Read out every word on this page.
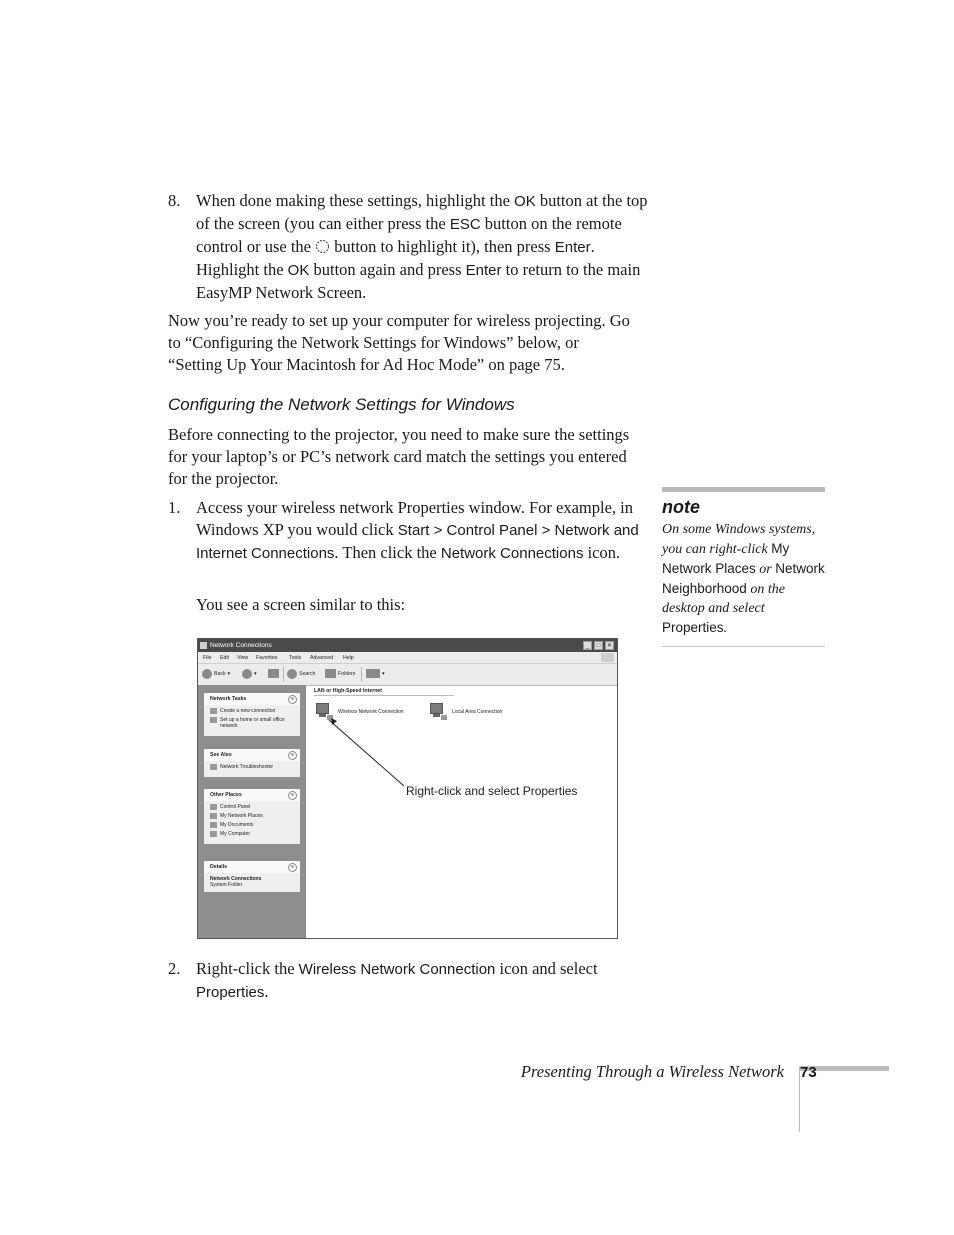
8. When done making these settings, highlight the OK button at the top of the screen (you can either press the ESC button on the remote control or use the  button to highlight it), then press Enter. Highlight the OK button again and press Enter to return to the main EasyMP Network Screen.
Now you’re ready to set up your computer for wireless projecting. Go to “Configuring the Network Settings for Windows” below, or “Setting Up Your Macintosh for Ad Hoc Mode” on page 75.
Configuring the Network Settings for Windows
Before connecting to the projector, you need to make sure the settings for your laptop’s or PC’s network card match the settings you entered for the projector.
1. Access your wireless network Properties window. For example, in Windows XP you would click Start > Control Panel > Network and Internet Connections. Then click the Network Connections icon.
You see a screen similar to this:
Network Connections	_	□	✕
File Edit View Favorites Tools Advanced Help
Back ▾	▾	Search	Folders	▾
Network Tasks	«
Create a new connection
Set up a home or small office network
See Also	«
Network Troubleshooter
Other Places	«
Control Panel
My Network Places
My Documents
My Computer
Details	«
Network Connections
System Folder
LAN or High-Speed Internet
Wireless Network Connection	Local Area Connection
Right-click and select Properties
2. Right-click the Wireless Network Connection icon and select Properties.
note
On some Windows systems, you can right-click My Network Places or Network Neighborhood on the desktop and select Properties.
Presenting Through a Wireless Network 73
